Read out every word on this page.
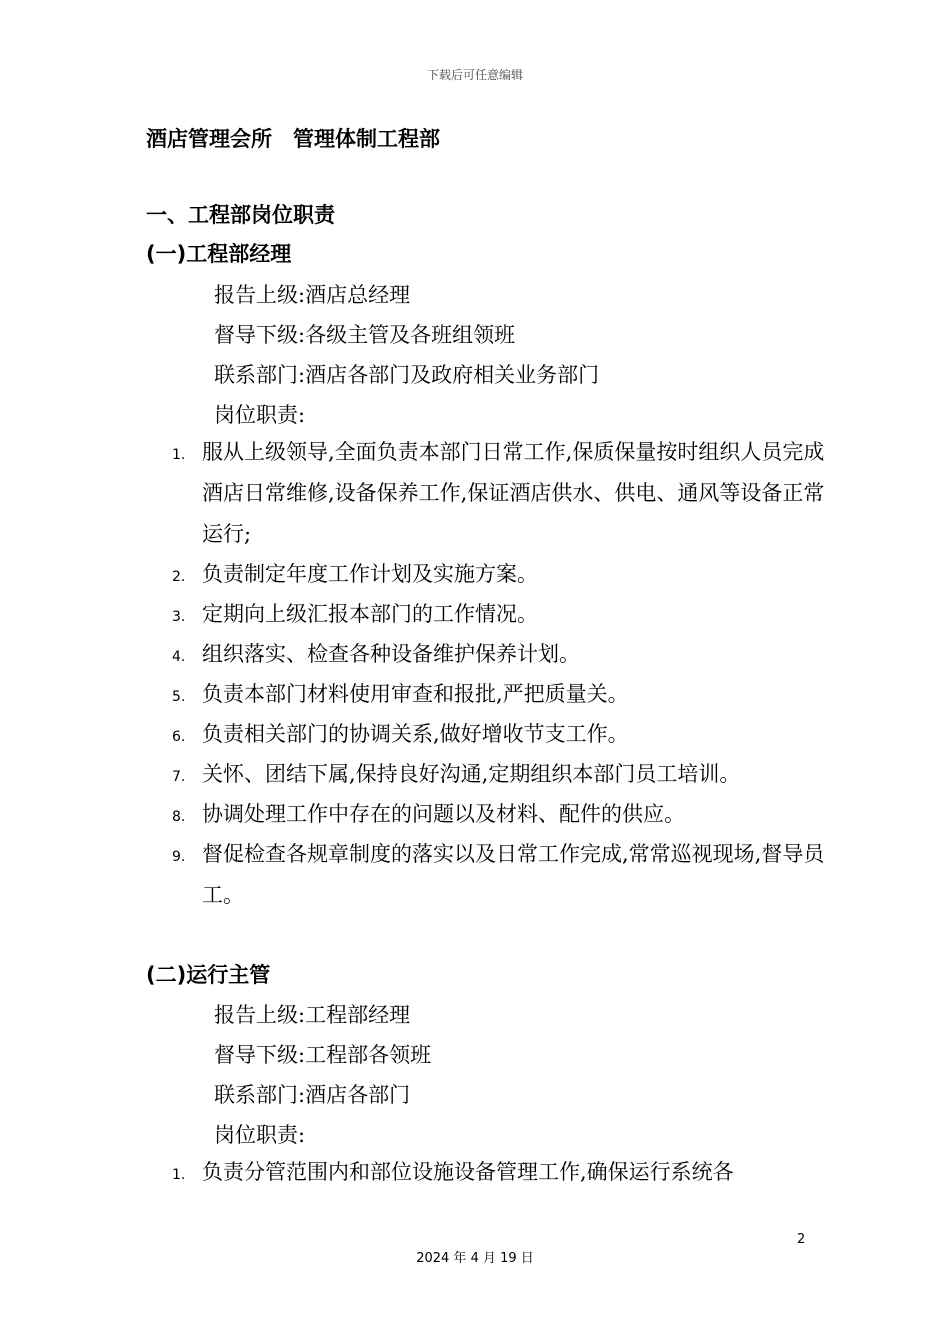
下载后可任意编辑
酒店管理会所　管理体制工程部
一、工程部岗位职责
(一)工程部经理
报告上级:酒店总经理
督导下级:各级主管及各班组领班
联系部门:酒店各部门及政府相关业务部门
岗位职责:
1. 服从上级领导,全面负责本部门日常工作,保质保量按时组织人员完成酒店日常维修,设备保养工作,保证酒店供水、供电、通风等设备正常运行;
2. 负责制定年度工作计划及实施方案。
3. 定期向上级汇报本部门的工作情况。
4. 组织落实、检查各种设备维护保养计划。
5. 负责本部门材料使用审查和报批,严把质量关。
6. 负责相关部门的协调关系,做好增收节支工作。
7. 关怀、团结下属,保持良好沟通,定期组织本部门员工培训。
8. 协调处理工作中存在的问题以及材料、配件的供应。
9. 督促检查各规章制度的落实以及日常工作完成,常常巡视现场,督导员工。
(二)运行主管
报告上级:工程部经理
督导下级:工程部各领班
联系部门:酒店各部门
岗位职责:
1. 负责分管范围内和部位设施设备管理工作,确保运行系统各
2
2024 年 4 月 19 日
